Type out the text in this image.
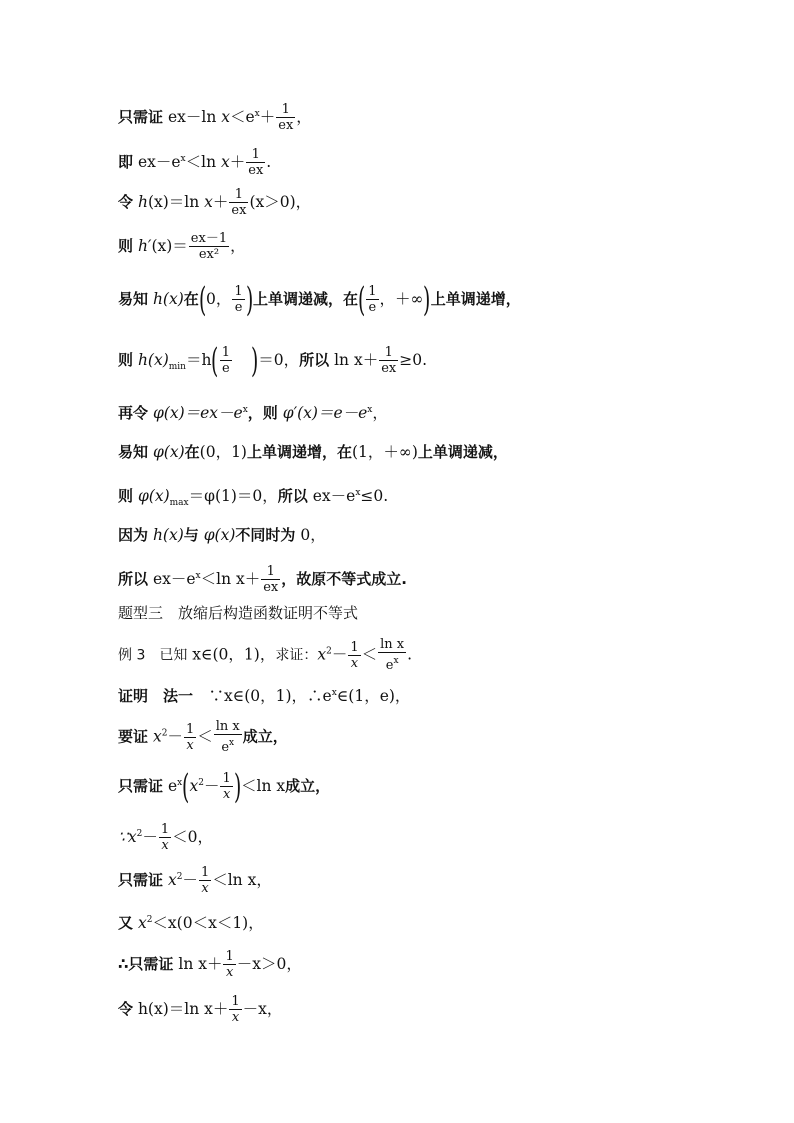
只需证 ex－ln $x<e^x+ \frac{1}{ex}$ ，
即 $ex-e^x<\ln$ $x+ \frac{1}{ex}$ .
令 h(x)＝ln $x+ \frac{1}{ex} (x>0)$，
则 $h'(x)= \frac{ex-1}{\text{ex²}}$ ，
易知 h(x)在(0， $\frac{1}{e}$ )上单调递减，在( $\frac{1}{e}$ ，＋∞)上单调递增，
则 $h(x)_{min}=h( \frac{1}{e} )=0$，所以 $\ln x+ \frac{1}{ex} \ge 0$.
再令 $\varphi(x)=ex-e^x$，则 $\varphi'(x)=e-e^x$，
易知 φ(x)在(0，1)上单调递增，在(1，＋∞)上单调递减，
则 $\varphi(x)_{max}=\varphi(1)=0$，所以 $ex-e^x\le 0$.
因为 h(x)与 φ(x)不同时为 0，
所以 $ex-e^x<\ln$ $x+ \frac{1}{ex}$ ，故原不等式成立.
题型三　放缩后构造函数证明不等式
例 3　已知 x∈(0，1)，求证：$x^2- \frac{1}{x} < \frac{\text{ln x}}{e^x}$ .
证明　法一　∵x∈(0，1)，$\therefore e^x\in(1$，e)，
要证 $x^2- \frac{1}{x} < \frac{\text{ln x}}{e^x}$ 成立，
只需证 $e^x(x^2- \frac{1}{x} )<\ln$ x成立，
$\because x^2- \frac{1}{x} <0$，
只需证 $x^2- \frac{1}{x} <\ln$ x，
又 $x^2<x(0<x<1)$，
∴只需证 $\ln x+ \frac{1}{x} -x>0$，
令 h(x)＝ln $x+ \frac{1}{x} -x$，
